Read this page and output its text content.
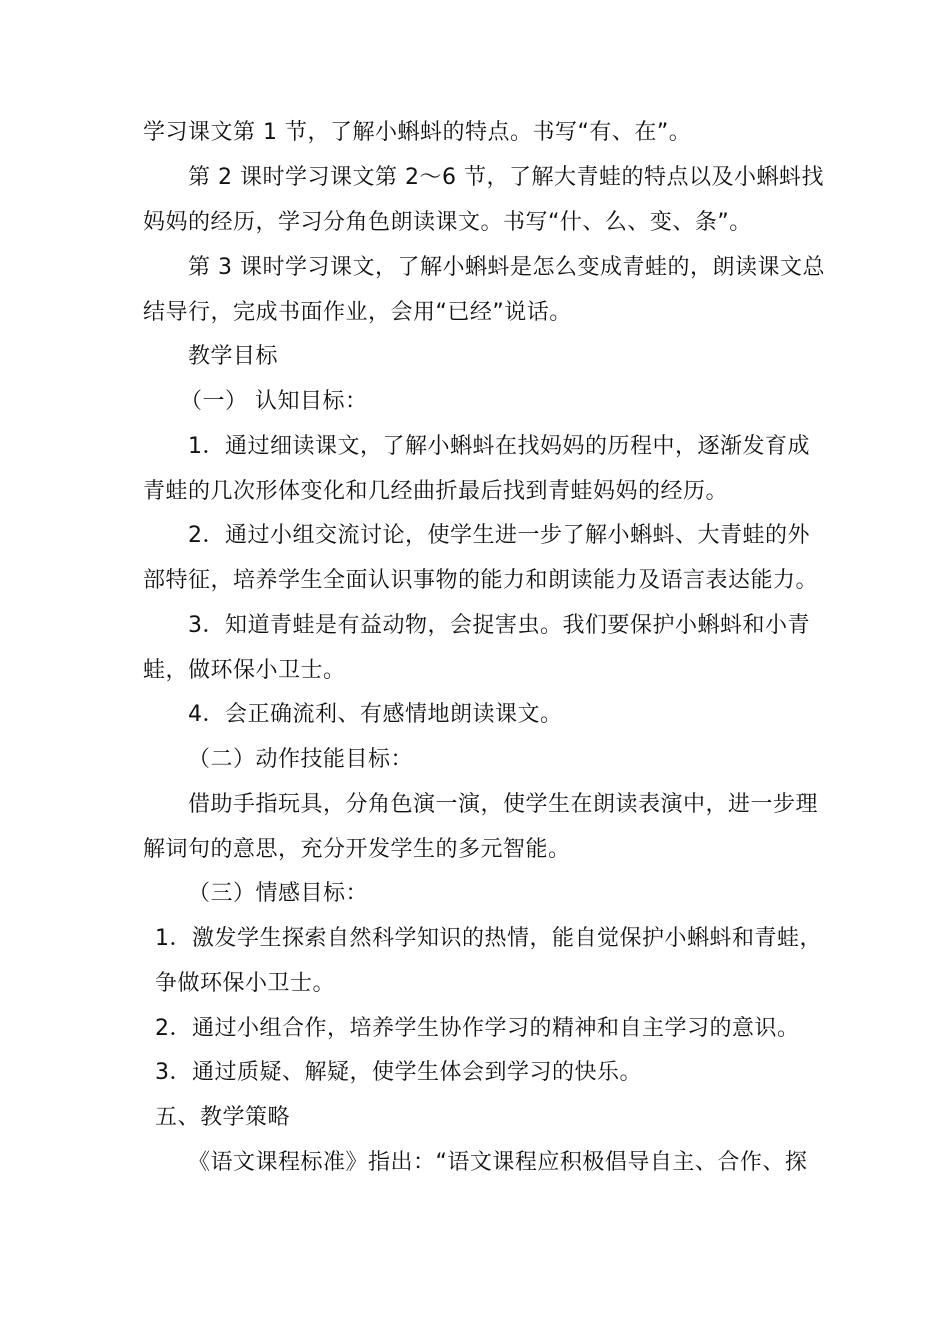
学习课文第 1 节，了解小蝌蚪的特点。书写“有、在”。
第 2 课时学习课文第 2～6 节，了解大青蛙的特点以及小蝌蚪找
妈妈的经历，学习分角色朗读课文。书写“什、么、变、条”。
第 3 课时学习课文，了解小蝌蚪是怎么变成青蛙的，朗读课文总
结导行，完成书面作业，会用“已经”说话。
教学目标
（一） 认知目标：
1．通过细读课文，了解小蝌蚪在找妈妈的历程中，逐渐发育成
青蛙的几次形体变化和几经曲折最后找到青蛙妈妈的经历。
2．通过小组交流讨论，使学生进一步了解小蝌蚪、大青蛙的外
部特征，培养学生全面认识事物的能力和朗读能力及语言表达能力。
3．知道青蛙是有益动物，会捉害虫。我们要保护小蝌蚪和小青
蛙，做环保小卫士。
4．会正确流利、有感情地朗读课文。
（二）动作技能目标：
借助手指玩具，分角色演一演，使学生在朗读表演中，进一步理
解词句的意思，充分开发学生的多元智能。
（三）情感目标：
1．激发学生探索自然科学知识的热情，能自觉保护小蝌蚪和青蛙，
争做环保小卫士。
2．通过小组合作，培养学生协作学习的精神和自主学习的意识。
3．通过质疑、解疑，使学生体会到学习的快乐。
五、教学策略
《语文课程标准》指出：“语文课程应积极倡导自主、合作、探
